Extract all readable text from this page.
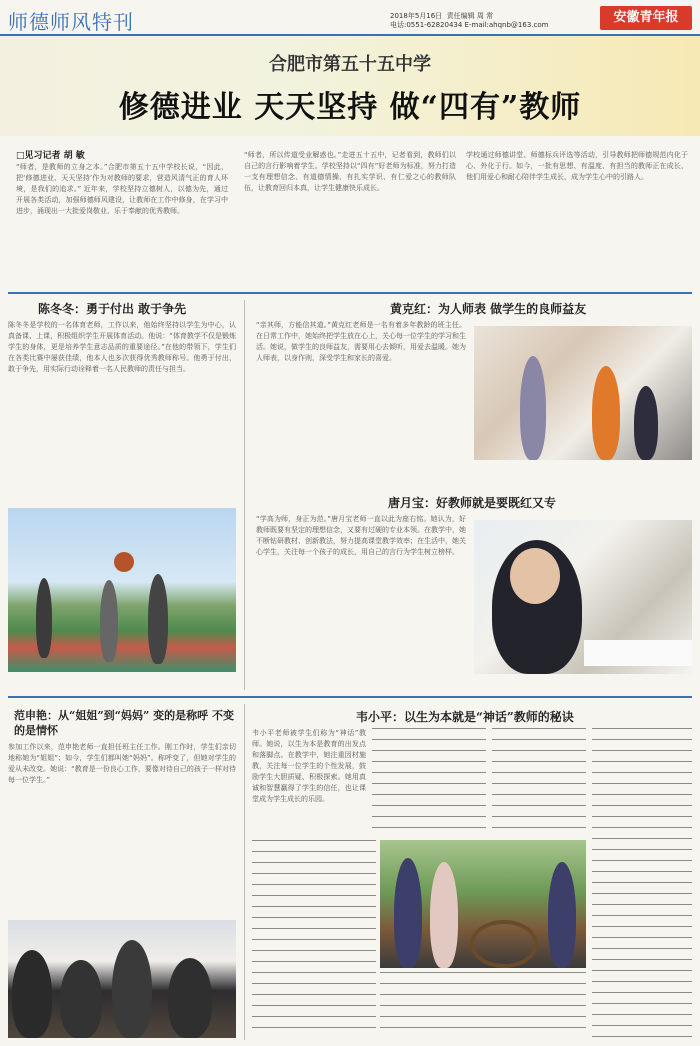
师德师风特刊	2018年5月16日 责任编辑 周 常
电话:0551-62820434 E-mail:ahqnb@163.com	安徽青年报
合肥市第五十五中学
修德进业 天天坚持 做“四有”教师
□见习记者 胡 敏
“师者，是教师的立身之本。”合肥市第五十五中学校长说，“因此，把‘修德进业、天天坚持’作为对教师的要求，营造风清气正的育人环境，是我们的追求。” 近年来，学校坚持立德树人，以德为先，通过开展各类活动，加强师德师风建设，让教师在工作中修身，在学习中进步，涌现出一大批爱岗敬业、乐于奉献的优秀教师。
“师者，所以传道受业解惑也。”走进五十五中，记者看到，教师们以自己的言行影响着学生。学校坚持以“四有”好老师为标准，努力打造一支有理想信念、有道德情操、有扎实学识、有仁爱之心的教师队伍，让教育回归本真，让学生健康快乐成长。
学校通过师德讲堂、师德标兵评选等活动，引导教师把师德规范内化于心、外化于行。如今，一批有思想、有温度、有担当的教师正在成长，他们用爱心和耐心陪伴学生成长，成为学生心中的引路人。
陈冬冬：勇于付出 敢于争先
陈冬冬是学校的一名体育老师，工作以来，他始终坚持以学生为中心，认真备课、上课，积极组织学生开展体育活动。他说：“体育教学不仅是锻炼学生的身体，更是培养学生意志品质的重要途径。”在他的带领下，学生们在各类比赛中屡获佳绩，他本人也多次获得优秀教师称号。他勇于付出，敢于争先，用实际行动诠释着一名人民教师的责任与担当。
黄克红：为人师表 做学生的良师益友
“亲其师，方能信其道。”黄克红老师是一名有着多年教龄的班主任。在日常工作中，她始终把学生放在心上，关心每一位学生的学习和生活。她说，做学生的良师益友，需要用心去倾听，用爱去温暖。她为人师表，以身作则，深受学生和家长的喜爱。
唐月宝：好教师就是要既红又专
“学高为师，身正为范。”唐月宝老师一直以此为座右铭。她认为，好教师既要有坚定的理想信念，又要有过硬的专业本领。在教学中，她不断钻研教材、创新教法，努力提高课堂教学效率；在生活中，她关心学生，关注每一个孩子的成长，用自己的言行为学生树立榜样。
范申艳：从“姐姐”到“妈妈” 变的是称呼 不变的是情怀
参加工作以来，范申艳老师一直担任班主任工作。刚工作时，学生们亲切地称她为“姐姐”；如今，学生们都叫她“妈妈”。称呼变了，但她对学生的爱从未改变。她说：“教育是一份良心工作，要像对待自己的孩子一样对待每一位学生。”
韦小平：以生为本就是“神话”教师的秘诀
韦小平老师被学生们称为“神话”教师。她说，以生为本是教育的出发点和落脚点。在教学中，她注重因材施教，关注每一位学生的个性发展，鼓励学生大胆质疑、积极探索。她用真诚和智慧赢得了学生的信任，也让课堂成为学生成长的乐园。
